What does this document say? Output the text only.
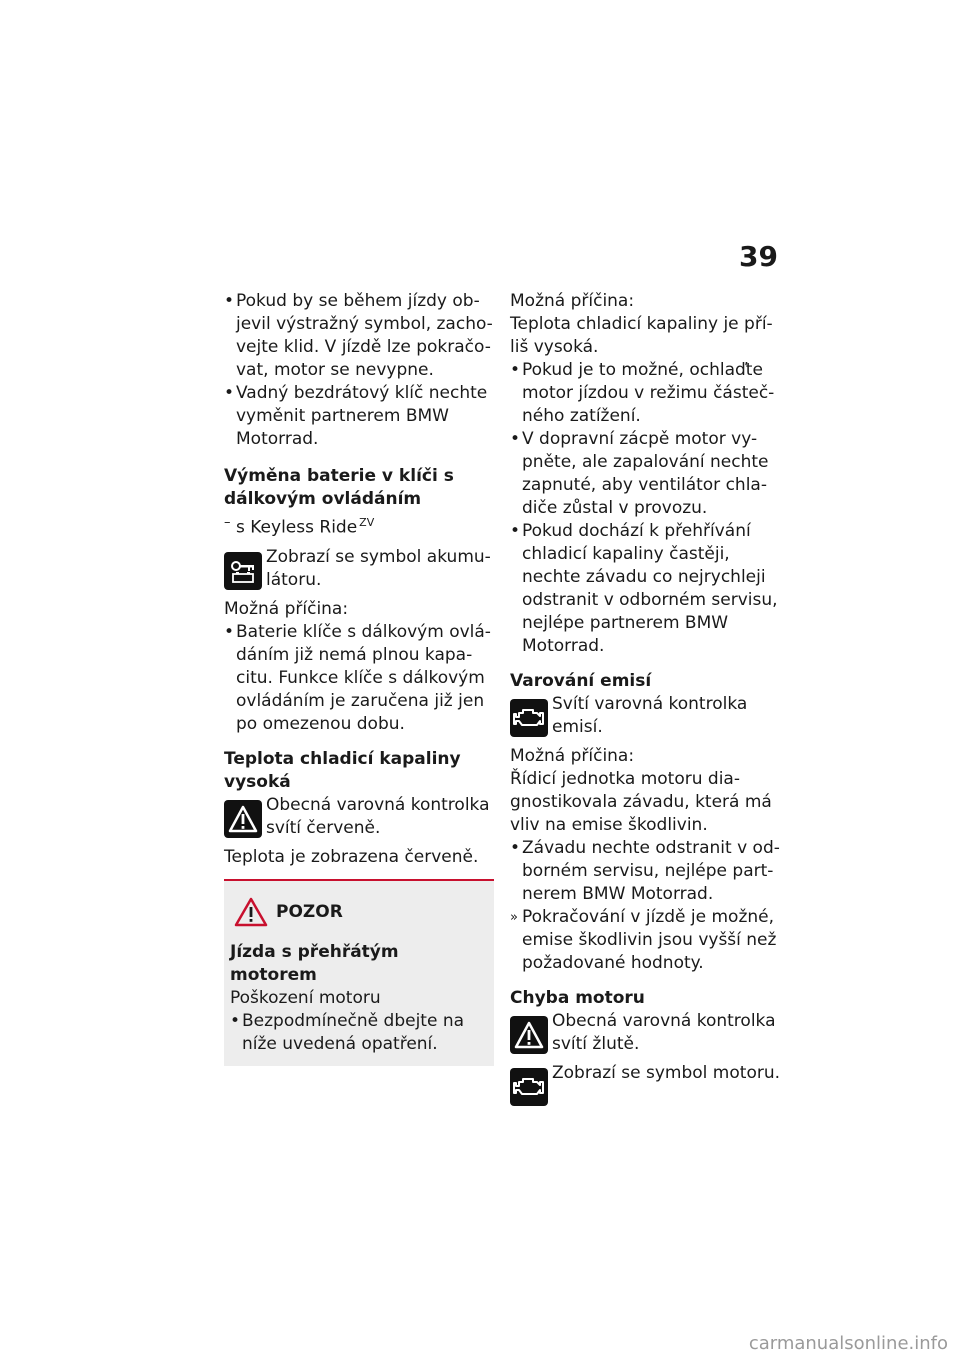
39
• Pokud by se během jízdy ob-jevil výstražný symbol, zacho-vejte klid. V jízdě lze pokračo-vat, motor se nevypne.
• Vadný bezdrátový klíč nechte vyměnit partnerem BMW Motorrad.
Výměna baterie v klíči s dálkovým ovládáním
– s Keyless Ride $^{ZV}$
Zobrazí se symbol akumu-látoru.
Možná příčina:
• Baterie klíče s dálkovým ovlá-dáním již nemá plnou kapa-citu. Funkce klíče s dálkovým ovládáním je zaručena již jen po omezenou dobu.
Teplota chladicí kapaliny vysoká
Obecná varovná kontrolka svítí červeně.
Teplota je zobrazena červeně.
POZOR
Jízda s přehřátým motorem
Poškození motoru
• Bezpodmínečně dbejte na níže uvedená opatření.
Možná příčina:
Teplota chladicí kapaliny je pří-liš vysoká.
• Pokud je to možné, ochlaďte motor jízdou v režimu částeč-ného zatížení.
• V dopravní zácpě motor vy-pněte, ale zapalování nechte zapnuté, aby ventilátor chla-diče zůstal v provozu.
• Pokud dochází k přehřívání chladicí kapaliny častěji, nechte závadu co nejrychleji odstranit v odborném servisu, nejlépe partnerem BMW Motorrad.
Varování emisí
Svítí varovná kontrolka emisí.
Možná příčina:
Řídicí jednotka motoru dia-gnostikovala závadu, která má vliv na emise škodlivin.
• Závadu nechte odstranit v od-borném servisu, nejlépe part-nerem BMW Motorrad.
» Pokračování v jízdě je možné, emise škodlivin jsou vyšší než požadované hodnoty.
Chyba motoru
Obecná varovná kontrolka svítí žlutě.
Zobrazí se symbol motoru.
carmanualsonline.info
